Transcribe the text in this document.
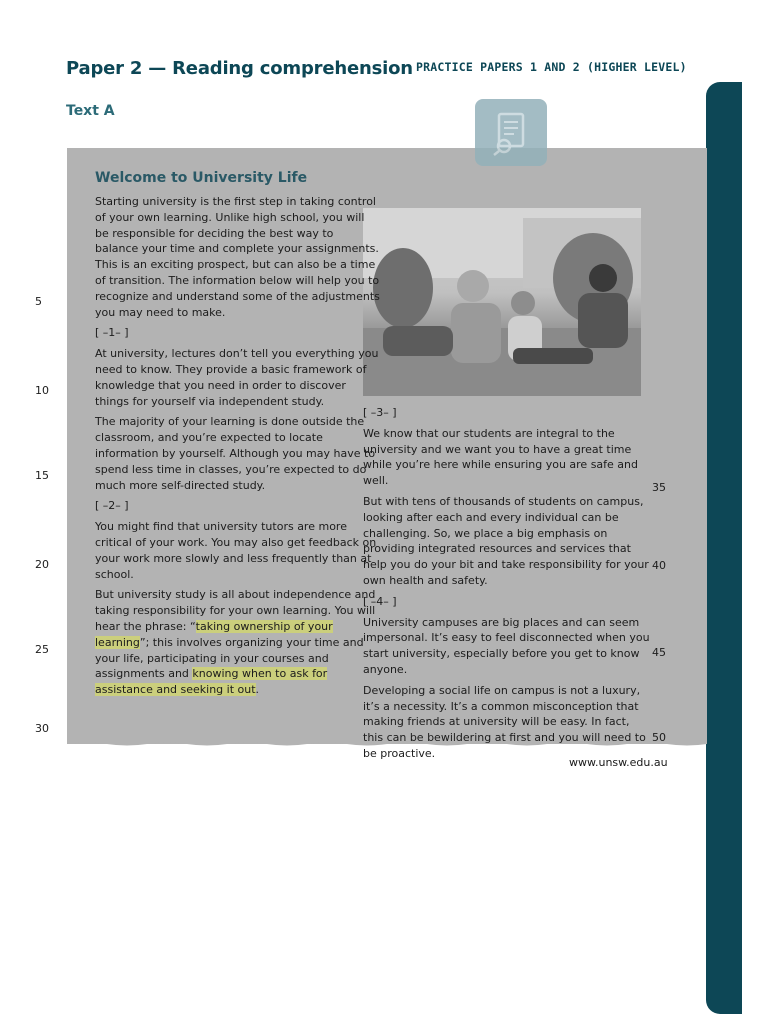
Paper 2 — Reading comprehension PRACTICE PAPERS 1 AND 2 (HIGHER LEVEL)
Text A
Welcome to University Life

Starting university is the first step in taking control of your own learning. Unlike high school, you will be responsible for deciding the best way to balance your time and complete your assignments. This is an exciting prospect, but can also be a time of transition. The information below will help you to recognize and understand some of the adjustments you may need to make.

[ –1– ]

At university, lectures don’t tell you everything you need to know. They provide a basic framework of knowledge that you need in order to discover things for yourself via independent study.

The majority of your learning is done outside the classroom, and you’re expected to locate information by yourself. Although you may have to spend less time in classes, you’re expected to do much more self-directed study.

[ –2– ]

You might find that university tutors are more critical of your work. You may also get feedback on your work more slowly and less frequently than at school.

But university study is all about independence and taking responsibility for your own learning. You will hear the phrase: “taking ownership of your learning”; this involves organizing your time and your life, participating in your courses and assignments and knowing when to ask for assistance and seeking it out.

[ –3– ]

We know that our students are integral to the university and we want you to have a great time while you’re here while ensuring you are safe and well.

But with tens of thousands of students on campus, looking after each and every individual can be challenging. So, we place a big emphasis on providing integrated resources and services that help you do your bit and take responsibility for your own health and safety.

[ –4– ]

University campuses are big places and can seem impersonal. It’s easy to feel disconnected when you start university, especially before you get to know anyone.

Developing a social life on campus is not a luxury, it’s a necessity. It’s a common misconception that making friends at university will be easy. In fact, this can be bewildering at first and you will need to be proactive.

5
10
15
20
25
30
35
40
45
50
www.unsw.edu.au
